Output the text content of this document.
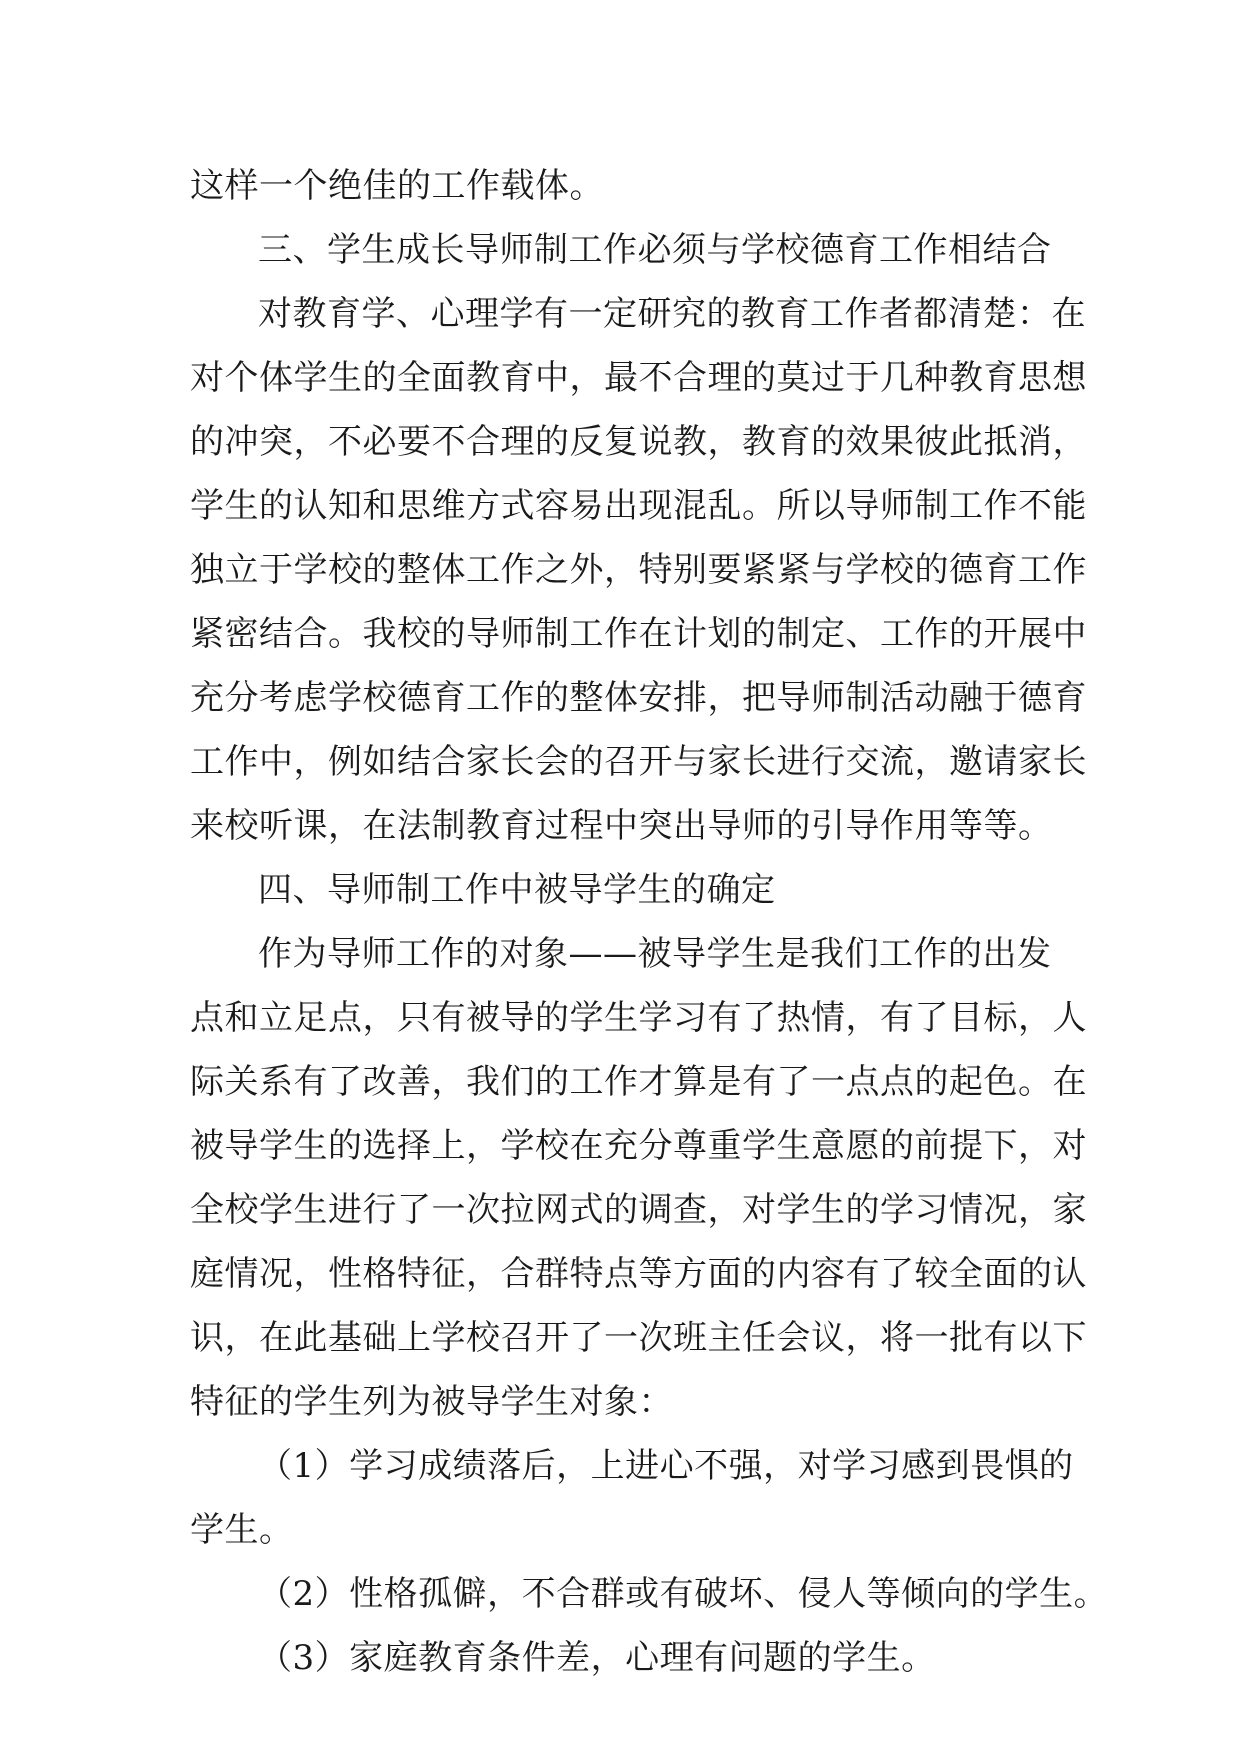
这样一个绝佳的工作载体。
三、学生成长导师制工作必须与学校德育工作相结合
对教育学、心理学有一定研究的教育工作者都清楚：在
对个体学生的全面教育中，最不合理的莫过于几种教育思想
的冲突，不必要不合理的反复说教，教育的效果彼此抵消，
学生的认知和思维方式容易出现混乱。所以导师制工作不能
独立于学校的整体工作之外，特别要紧紧与学校的德育工作
紧密结合。我校的导师制工作在计划的制定、工作的开展中
充分考虑学校德育工作的整体安排，把导师制活动融于德育
工作中，例如结合家长会的召开与家长进行交流，邀请家长
来校听课，在法制教育过程中突出导师的引导作用等等。
四、导师制工作中被导学生的确定
作为导师工作的对象——被导学生是我们工作的出发
点和立足点，只有被导的学生学习有了热情，有了目标，人
际关系有了改善，我们的工作才算是有了一点点的起色。在
被导学生的选择上，学校在充分尊重学生意愿的前提下，对
全校学生进行了一次拉网式的调查，对学生的学习情况，家
庭情况，性格特征，合群特点等方面的内容有了较全面的认
识，在此基础上学校召开了一次班主任会议，将一批有以下
特征的学生列为被导学生对象：
（1）学习成绩落后，上进心不强，对学习感到畏惧的
学生。
（2）性格孤僻，不合群或有破坏、侵人等倾向的学生。
（3）家庭教育条件差，心理有问题的学生。
